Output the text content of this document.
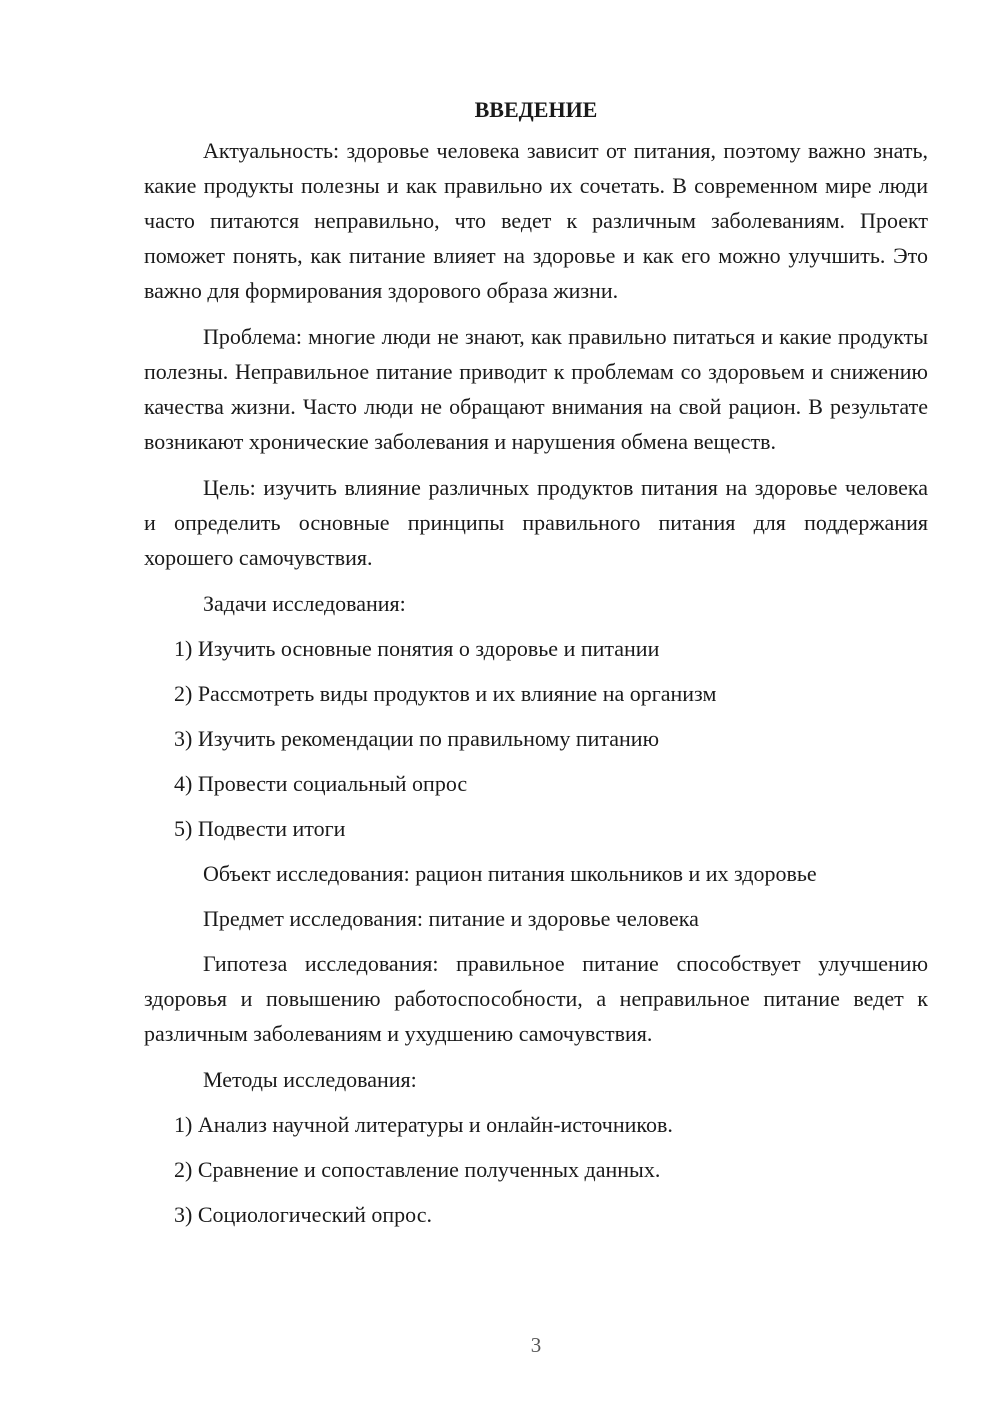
ВВЕДЕНИЕ

Актуальность: здоровье человека зависит от питания, поэтому важно знать, какие продукты полезны и как правильно их сочетать. В современном мире люди часто питаются неправильно, что ведет к различным заболеваниям. Проект поможет понять, как питание влияет на здоровье и как его можно улучшить. Это важно для формирования здорового образа жизни.

Проблема: многие люди не знают, как правильно питаться и какие продукты полезны. Неправильное питание приводит к проблемам со здоровьем и снижению качества жизни. Часто люди не обращают внимания на свой рацион. В результате возникают хронические заболевания и нарушения обмена веществ.

Цель: изучить влияние различных продуктов питания на здоровье человека и определить основные принципы правильного питания для поддержания хорошего самочувствия.

Задачи исследования:
1) Изучить основные понятия о здоровье и питании
2) Рассмотреть виды продуктов и их влияние на организм
3) Изучить рекомендации по правильному питанию
4) Провести социальный опрос
5) Подвести итоги
Объект исследования: рацион питания школьников и их здоровье
Предмет исследования: питание и здоровье человека

Гипотеза исследования: правильное питание способствует улучшению здоровья и повышению работоспособности, а неправильное питание ведет к различным заболеваниям и ухудшению самочувствия.

Методы исследования:
1) Анализ научной литературы и онлайн-источников.
2) Сравнение и сопоставление полученных данных.
3) Социологический опрос.
3
